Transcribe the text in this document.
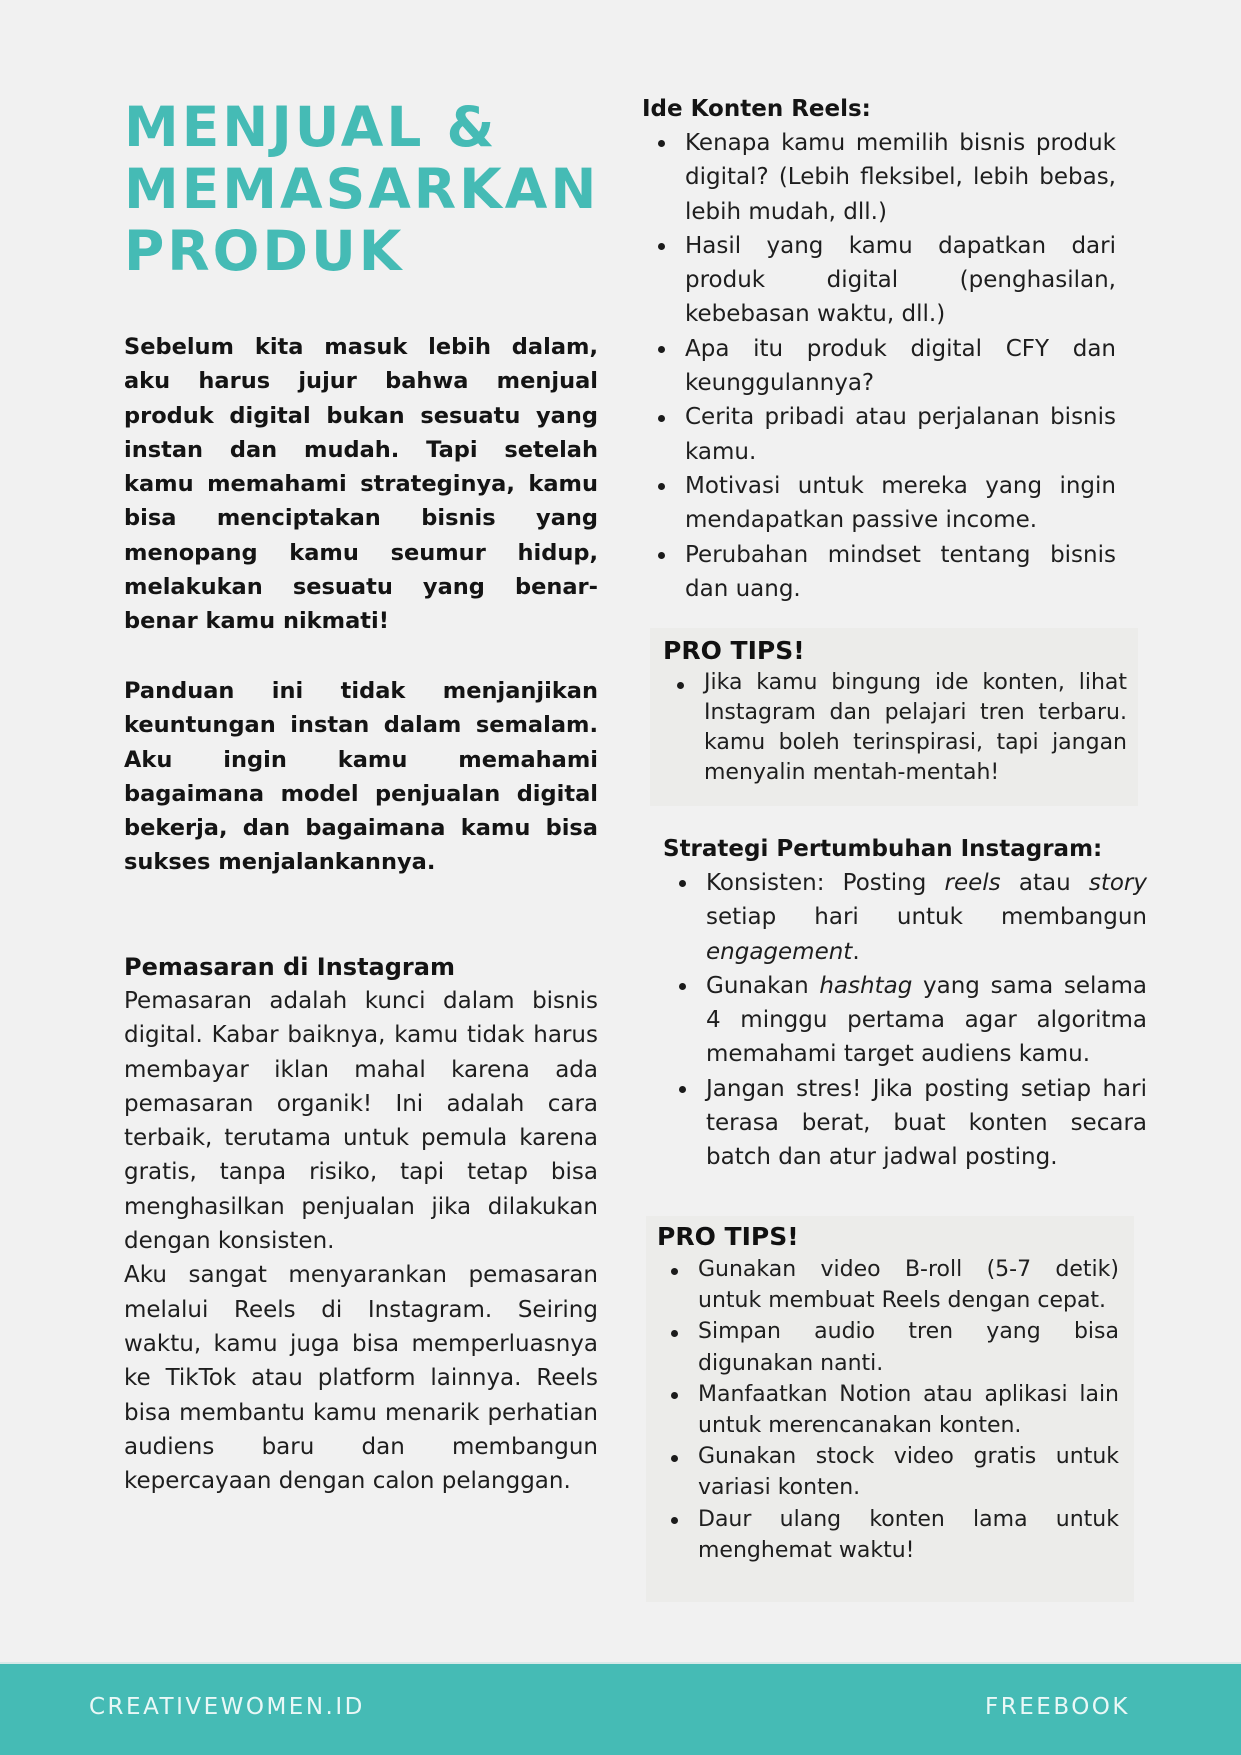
MENJUAL &
MEMASARKAN
PRODUK

Sebelum kita masuk lebih dalam, aku harus jujur bahwa menjual produk digital bukan sesuatu yang instan dan mudah. Tapi setelah kamu memahami strateginya, kamu bisa menciptakan bisnis yang menopang kamu seumur hidup, melakukan sesuatu yang benar-benar kamu nikmati!

Panduan ini tidak menjanjikan keuntungan instan dalam semalam. Aku ingin kamu memahami bagaimana model penjualan digital bekerja, dan bagaimana kamu bisa sukses menjalankannya.

Pemasaran di Instagram

Pemasaran adalah kunci dalam bisnis digital. Kabar baiknya, kamu tidak harus membayar iklan mahal karena ada pemasaran organik! Ini adalah cara terbaik, terutama untuk pemula karena gratis, tanpa risiko, tapi tetap bisa menghasilkan penjualan jika dilakukan dengan konsisten.

Aku sangat menyarankan pemasaran melalui Reels di Instagram. Seiring waktu, kamu juga bisa memperluasnya ke TikTok atau platform lainnya. Reels bisa membantu kamu menarik perhatian audiens baru dan membangun kepercayaan dengan calon pelanggan.

Ide Konten Reels:
Kenapa kamu memilih bisnis produk digital? (Lebih fleksibel, lebih bebas, lebih mudah, dll.)
Hasil yang kamu dapatkan dari produk digital (penghasilan, kebebasan waktu, dll.)
Apa itu produk digital CFY dan keunggulannya?
Cerita pribadi atau perjalanan bisnis kamu.
Motivasi untuk mereka yang ingin mendapatkan passive income.
Perubahan mindset tentang bisnis dan uang.
PRO TIPS!
Jika kamu bingung ide konten, lihat Instagram dan pelajari tren terbaru. kamu boleh terinspirasi, tapi jangan menyalin mentah-mentah!
Strategi Pertumbuhan Instagram:
Konsisten: Posting reels atau story setiap hari untuk membangun engagement.
Gunakan hashtag yang sama selama 4 minggu pertama agar algoritma memahami target audiens kamu.
Jangan stres! Jika posting setiap hari terasa berat, buat konten secara batch dan atur jadwal posting.
PRO TIPS!
Gunakan video B-roll (5-7 detik) untuk membuat Reels dengan cepat.
Simpan audio tren yang bisa digunakan nanti.
Manfaatkan Notion atau aplikasi lain untuk merencanakan konten.
Gunakan stock video gratis untuk variasi konten.
Daur ulang konten lama untuk menghemat waktu!
CREATIVEWOMEN.ID	FREEBOOK
